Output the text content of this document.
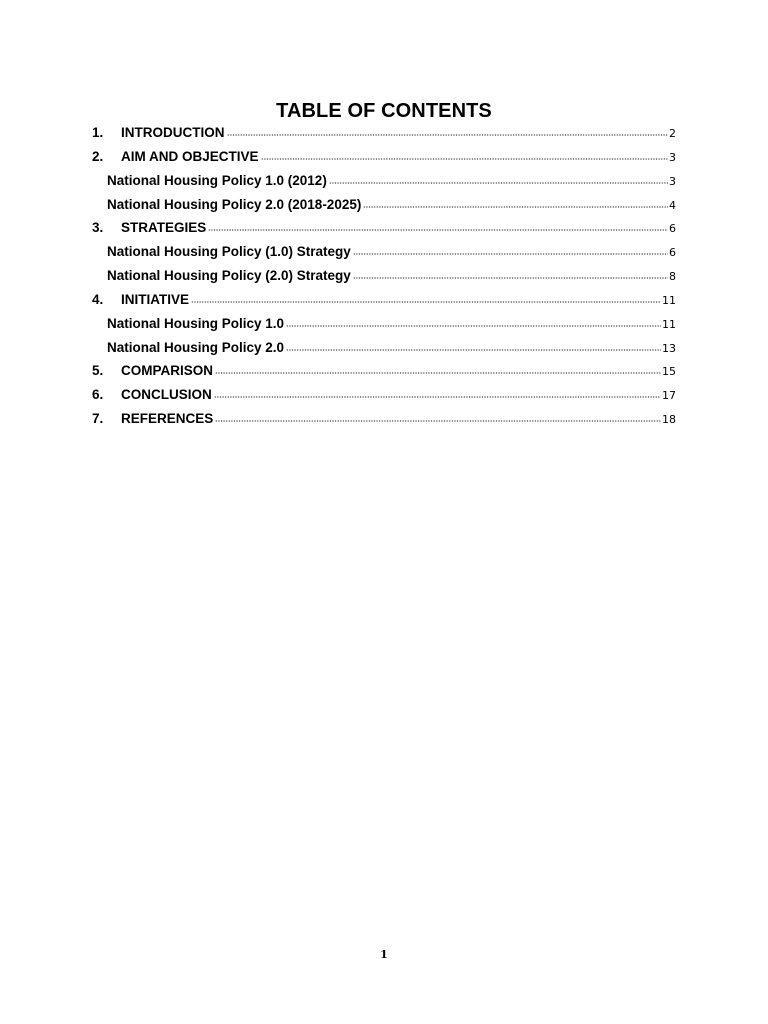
TABLE OF CONTENTS
1.	INTRODUCTION	2
2.	AIM AND OBJECTIVE	3
National Housing Policy 1.0 (2012)	3
National Housing Policy 2.0 (2018-2025)	4
3.	STRATEGIES	6
National Housing Policy (1.0) Strategy	6
National Housing Policy (2.0) Strategy	8
4.	INITIATIVE	11
National Housing Policy 1.0	11
National Housing Policy 2.0	13
5.	COMPARISON	15
6.	CONCLUSION	17
7.	REFERENCES	18
1
